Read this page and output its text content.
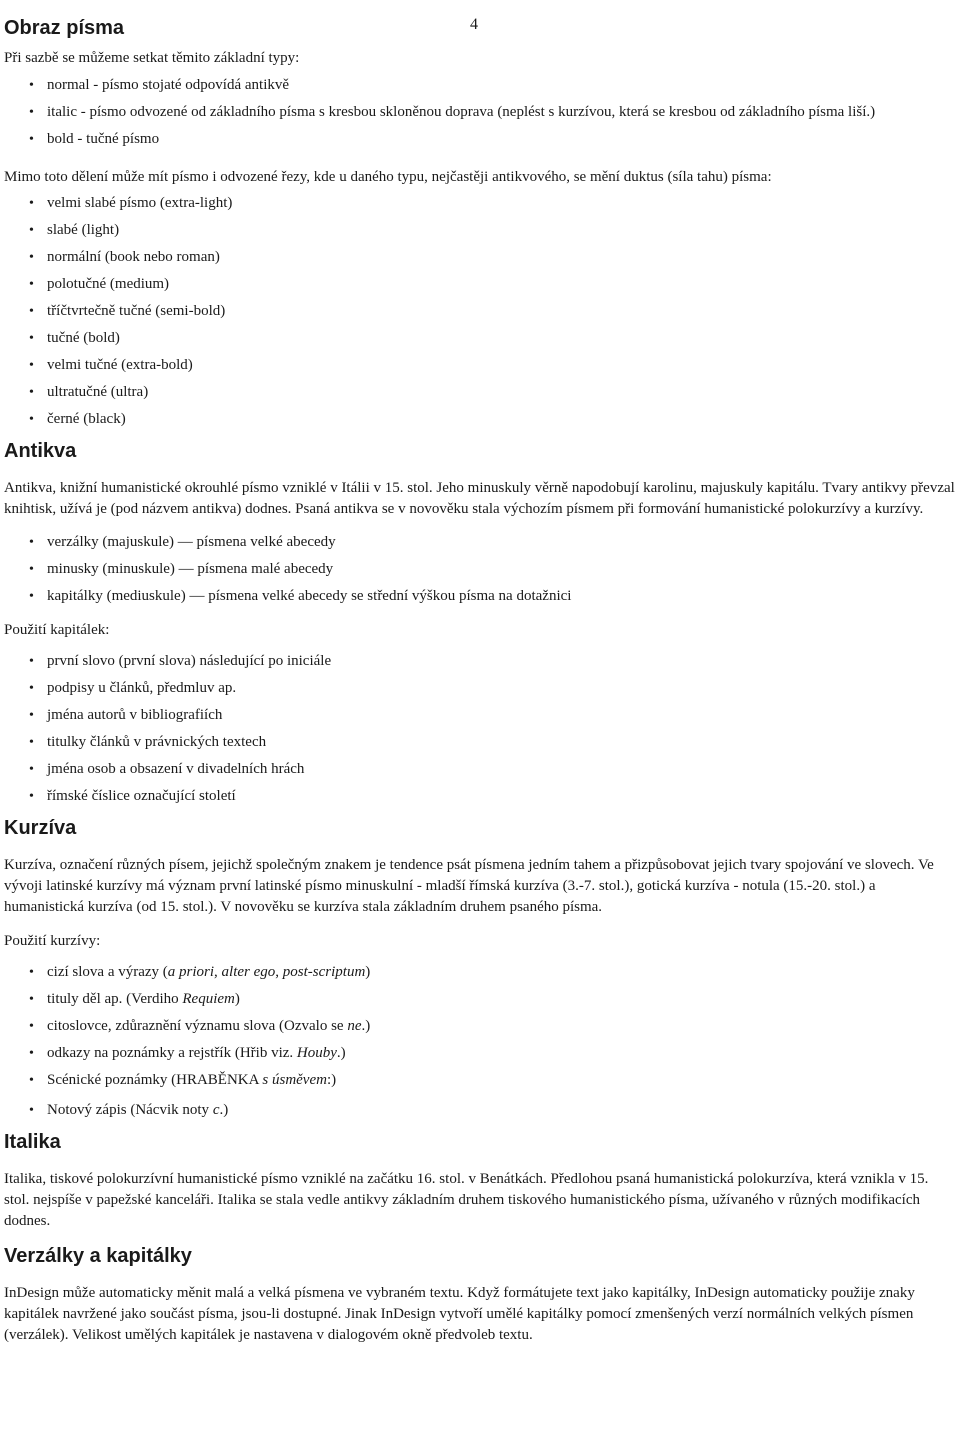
4
Obraz písma

Při sazbě se můžeme setkat těmito základní typy:

• normal - písmo stojaté odpovídá antikvě
• italic - písmo odvozené od základního písma s kresbou skloněnou doprava (neplést s kurzívou, která se kresbou od základního písma liší.)
• bold - tučné písmo

Mimo toto dělení může mít písmo i odvozené řezy, kde u daného typu, nejčastěji antikvového, se mění duktus (síla tahu) písma:

• velmi slabé písmo (extra-light)
• slabé (light)
• normální (book nebo roman)
• polotučné (medium)
• tříčtvrtečně tučné (semi-bold)
• tučné (bold)
• velmi tučné (extra-bold)
• ultratučné (ultra)
• černé (black)
Antikva

Antikva, knižní humanistické okrouhlé písmo vzniklé v Itálii v 15. stol. Jeho minuskuly věrně napodobují karolinu, majuskuly kapitálu. Tvary antikvy převzal knihtisk, užívá je (pod názvem antikva) dodnes. Psaná antikva se v novověku stala výchozím písmem při formování humanistické polokurzívy a kurzívy.

• verzálky (majuskule) — písmena velké abecedy
• minusky (minuskule) — písmena malé abecedy
• kapitálky (mediuskule) — písmena velké abecedy se střední výškou písma na dotažnici

Použití kapitálek:

• první slovo (první slova) následující po iniciále
• podpisy u článků, předmluv ap.
• jména autorů v bibliografiích
• titulky článků v právnických textech
• jména osob a obsazení v divadelních hrách
• římské číslice označující století
Kurzíva

Kurzíva, označení různých písem, jejichž společným znakem je tendence psát písmena jedním tahem a přizpůsobovat jejich tvary spojování ve slovech. Ve vývoji latinské kurzívy má význam první latinské písmo minuskulní - mladší římská kurzíva (3.-7. stol.), gotická kurzíva - notula (15.-20. stol.) a humanistická kurzíva (od 15. stol.). V novověku se kurzíva stala základním druhem psaného písma.

Použití kurzívy:

• cizí slova a výrazy (a priori, alter ego, post-scriptum)
• tituly děl ap. (Verdiho Requiem)
• citoslovce, zdůraznění významu slova (Ozvalo se ne.)
• odkazy na poznámky a rejstřík (Hřib viz. Houby.)
• Scénické poznámky (HRABĚNKA s úsměvem:)
• Notový zápis (Nácvik noty c.)
Italika

Italika, tiskové polokurzívní humanistické písmo vzniklé na začátku 16. stol. v Benátkách. Předlohou psaná humanistická polokurzíva, která vznikla v 15. stol. nejspíše v papežské kanceláři. Italika se stala vedle antikvy základním druhem tiskového humanistického písma, užívaného v různých modifikacích dodnes.

Verzálky a kapitálky

InDesign může automaticky měnit malá a velká písmena ve vybraném textu. Když formátujete text jako kapitálky, InDesign automaticky použije znaky kapitálek navržené jako součást písma, jsou-li dostupné. Jinak InDesign vytvoří umělé kapitálky pomocí zmenšených verzí normálních velkých písmen (verzálek). Velikost umělých kapitálek je nastavena v dialogovém okně předvoleb textu.
